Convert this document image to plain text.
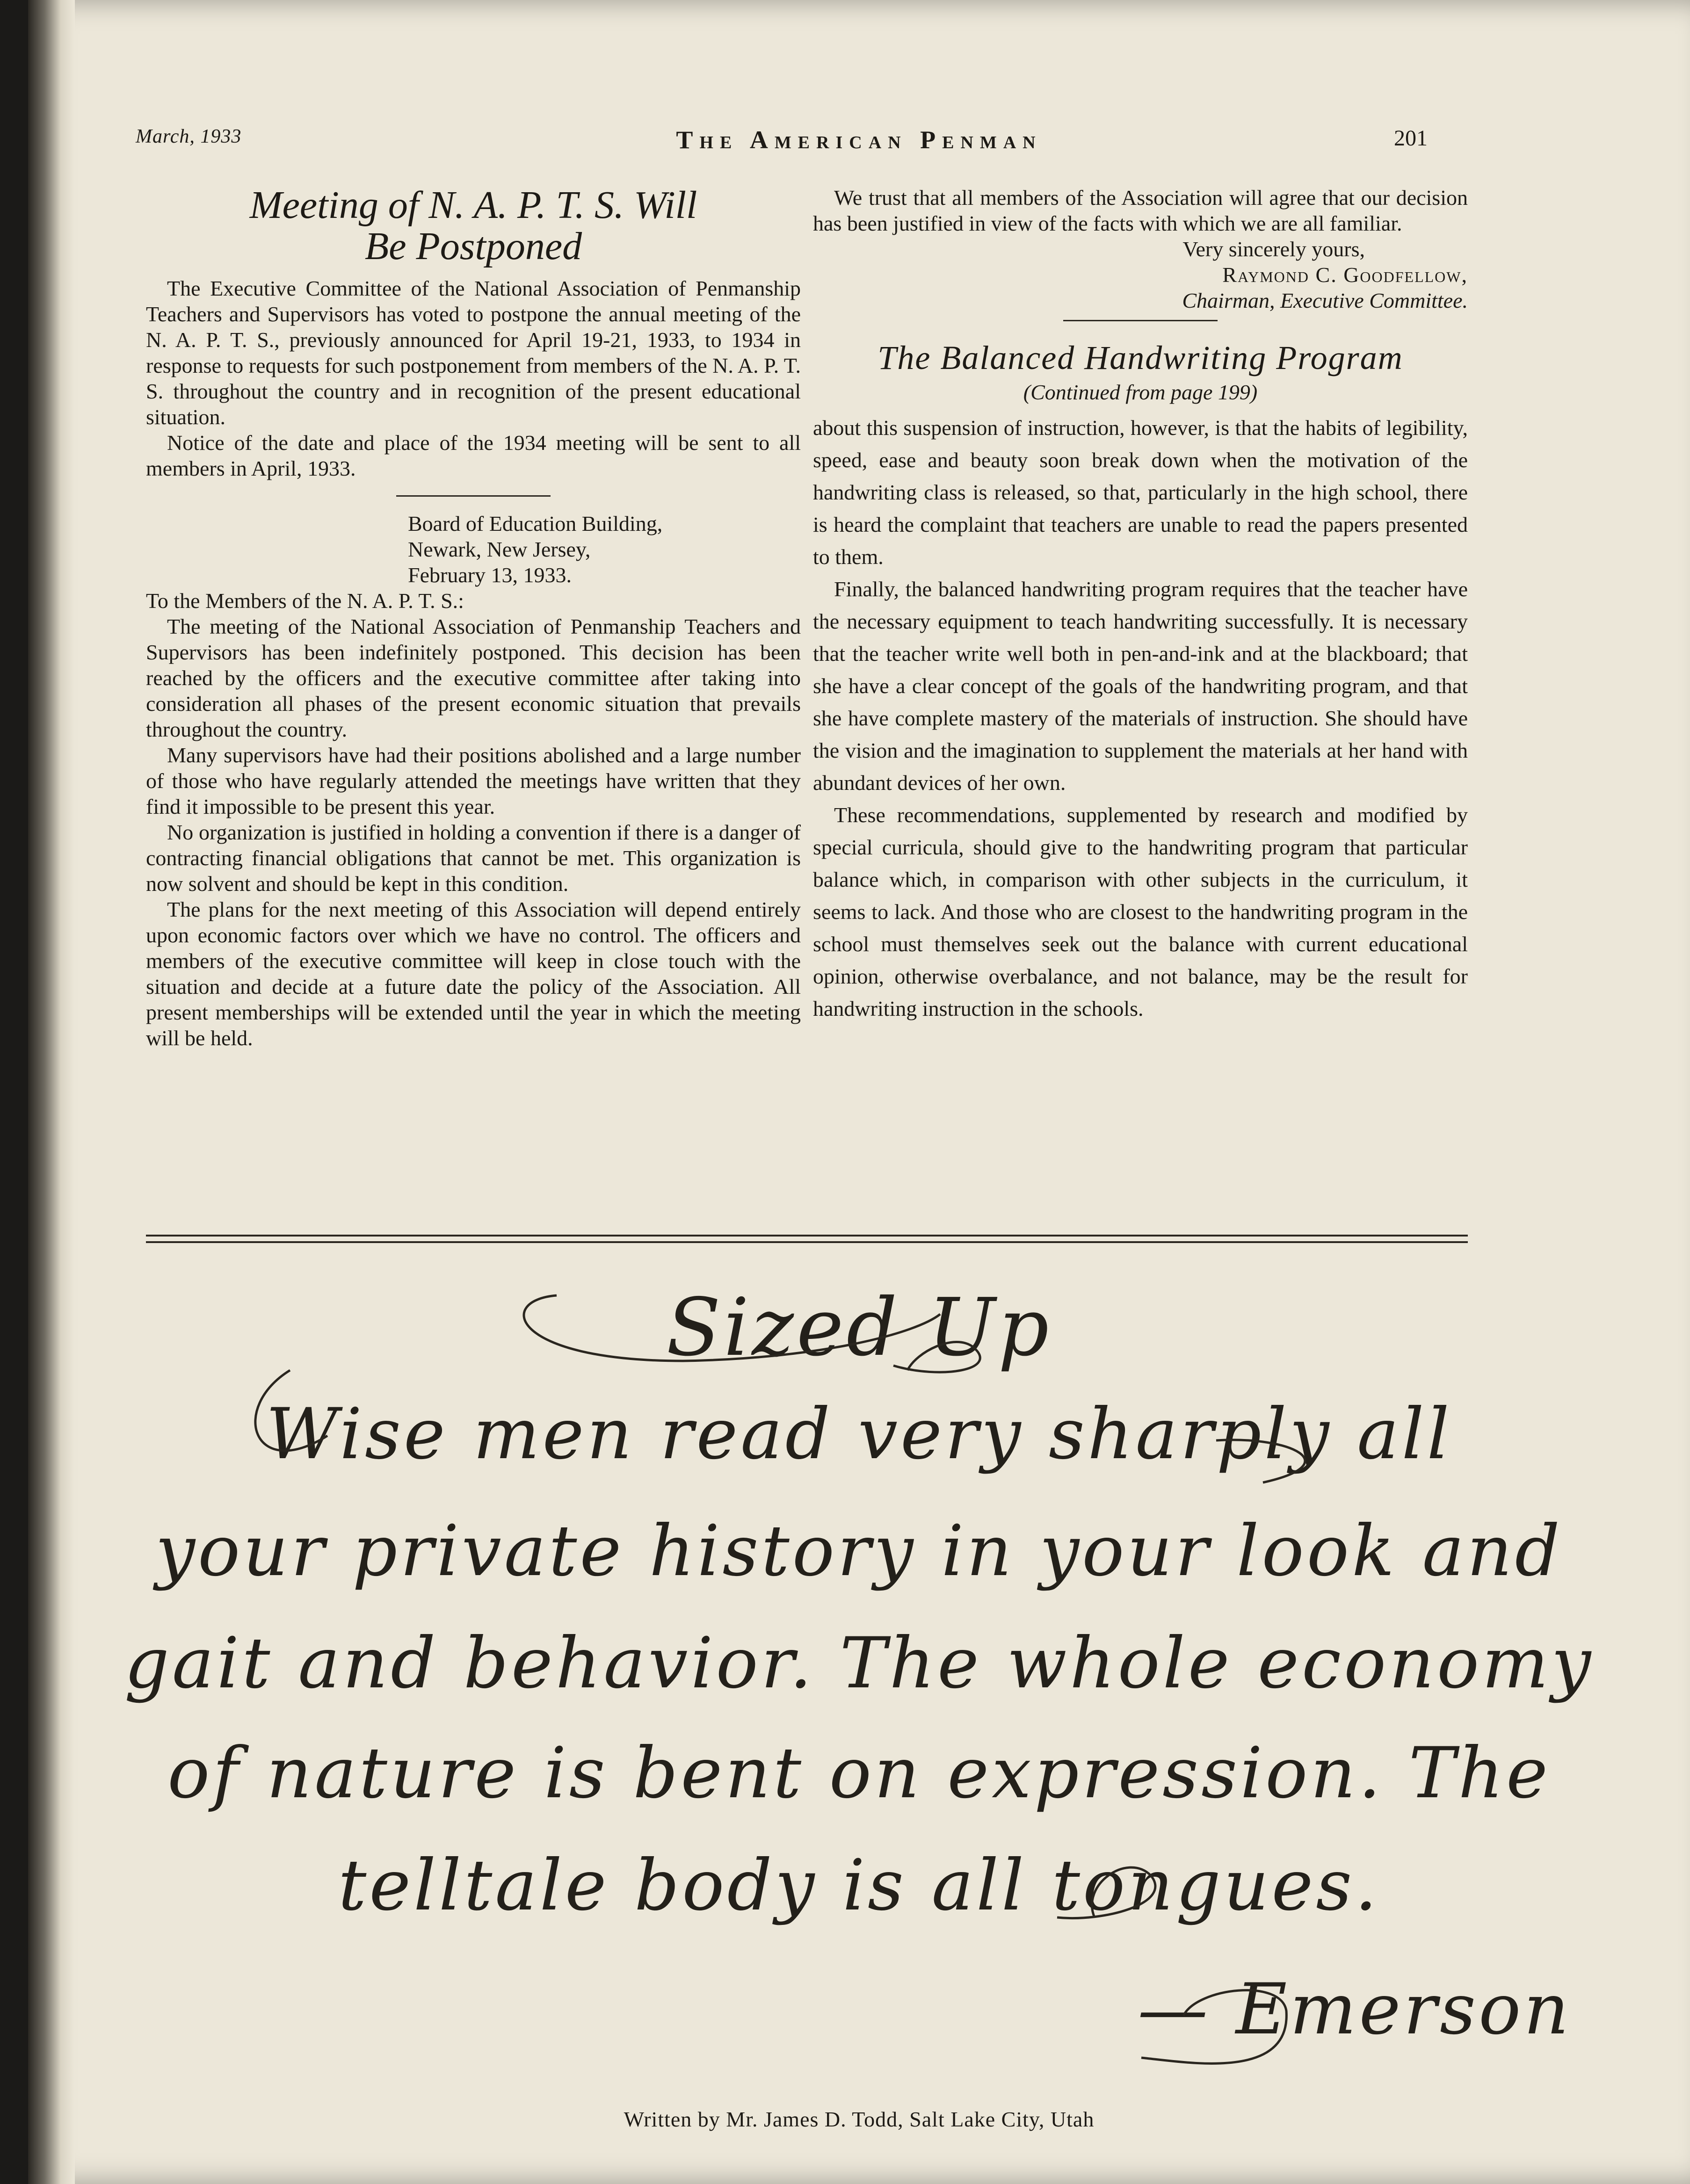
March, 1933	The American Penman	201
Meeting of N. A. P. T. S. Will
Be Postponed

The Executive Committee of the National Association of Penmanship Teachers and Supervisors has voted to postpone the annual meeting of the N. A. P. T. S., previously announced for April 19-21, 1933, to 1934 in response to requests for such postponement from members of the N. A. P. T. S. throughout the country and in recognition of the present educational situation.

Notice of the date and place of the 1934 meeting will be sent to all members in April, 1933.

Board of Education Building,

Newark, New Jersey,

February 13, 1933.

To the Members of the N. A. P. T. S.:

The meeting of the National Association of Penmanship Teachers and Supervisors has been indefinitely postponed. This decision has been reached by the officers and the executive committee after taking into consideration all phases of the present economic situation that prevails throughout the country.

Many supervisors have had their positions abolished and a large number of those who have regularly attended the meetings have written that they find it impossible to be present this year.

No organization is justified in holding a convention if there is a danger of contracting financial obligations that cannot be met. This organization is now solvent and should be kept in this condition.

The plans for the next meeting of this Association will depend entirely upon economic factors over which we have no control. The officers and members of the executive committee will keep in close touch with the situation and decide at a future date the policy of the Association. All present memberships will be extended until the year in which the meeting will be held.

We trust that all members of the Association will agree that our decision has been justified in view of the facts with which we are all familiar.

Very sincerely yours,

Raymond C. Goodfellow,

Chairman, Executive Committee.

The Balanced Handwriting Program
(Continued from page 199)

about this suspension of instruction, however, is that the habits of legibility, speed, ease and beauty soon break down when the motivation of the handwriting class is released, so that, particularly in the high school, there is heard the complaint that teachers are unable to read the papers presented to them.

Finally, the balanced handwriting program requires that the teacher have the necessary equipment to teach handwriting successfully. It is necessary that the teacher write well both in pen-and-ink and at the blackboard; that she have a clear concept of the goals of the handwriting program, and that she have complete mastery of the materials of instruction. She should have the vision and the imagination to supplement the materials at her hand with abundant devices of her own.

These recommendations, supplemented by research and modified by special curricula, should give to the handwriting program that particular balance which, in comparison with other subjects in the curriculum, it seems to lack. And those who are closest to the handwriting program in the school must themselves seek out the balance with current educational opinion, otherwise overbalance, and not balance, may be the result for handwriting instruction in the schools.

Sized Up
Wise men read very sharply all
your private history in your look and
gait and behavior. The whole economy
of nature is bent on expression. The
telltale body is all tongues.
— Emerson
Written by Mr. James D. Todd, Salt Lake City, Utah
